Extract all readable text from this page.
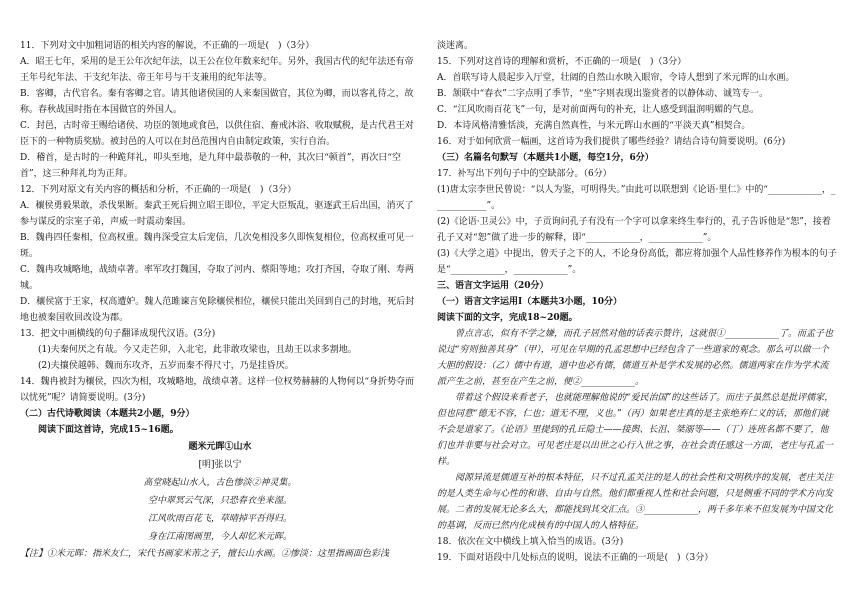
11．下列对文中加粗词语的相关内容的解说，不正确的一项是(　)（3分）

A．昭王七年，采用的是王公年次纪年法，以王公在位年数来纪年。另外，我国古代的纪年法还有帝王年号纪年法、干支纪年法、帝王年号与干支兼用的纪年法等。

B．客卿，古代官名。秦有客卿之官。请其他诸侯国的人来秦国做官，其位为卿，而以客礼待之，故称。春秋战国时指在本国做官的外国人。

C．封邑，古时帝王赐给诸侯、功臣的领地或食邑，以供住宿、畜戒沐浴、收取赋税，是古代君王对臣下的一种物质奖励。被封邑的人可以在封邑范围内自由制定政策，实行自治。

D．稽首，是古时的一种跪拜礼，叩头至地，是九拜中最恭敬的一种，其次曰“顿首”，再次曰“空首”，这三种拜礼均为正拜。

12．下列对原文有关内容的概括和分析，不正确的一项是(　)（3分）

A．穰侯勇毅果敢，杀伐果断。秦武王死后拥立昭王即位，平定大臣叛乱，驱逐武王后出国，消灭了参与谋反的宗室子弟，声威一时震动秦国。

B．魏冉四任秦相，位高权重。魏冉深受宣太后宠信，几次免相没多久即恢复相位，位高权重可见一斑。

C．魏冉攻城略地，战绩卓著。率军攻打魏国，夺取了河内、蔡阳等地；攻打齐国，夺取了刚、寿两城。

D．穰侯富于王家，权高遭妒。魏人范雎谏言免除穰侯相位，穰侯只能出关回到自己的封地，死后封地也被秦国收回改设为郡。

13．把文中画横线的句子翻译成现代汉语。(3分)

(1)夫秦何厌之有哉。今又走芒卯，入北宅，此非敢攻梁也，且劫王以求多割地。

(2)夫攘侯越韩、魏而东攻齐，五岁而秦不得尺寸，乃是挂昏厌。

14．魏冉被封为穰侯，四次为相，攻城略地，战绩卓著。这样一位权势赫赫的人物何以“身折势夺而以忧死”呢？请简要说明。(3分)

（二）古代诗歌阅读（本题共2小题，9分）

阅读下面这首诗，完成15~16题。

题米元晖①山水
[明]张以宁
高堂晓起山水入，古色惨淡②神灵集。
空中翠冥云气深，只恐春衣坐来湿。
江风吹雨百花飞，草晴掉平吾得归。
身在江南图画里，今人却忆米元晖。

【注】①米元晖：指米友仁，宋代书画家米芾之子，擅长山水画。②惨淡：这里指画面色彩浅

淡迷离。

15．下列对这首诗的理解和赏析，不正确的一项是(　)（3分）

A．首联写诗人晨起步入厅堂，壮阔的自然山水映入眼帘，令诗人想到了米元晖的山水画。

B．颔联中“春衣”二字点明了季节，“坐”字则表现出鉴赏者的以静体动、诚笃专一。

C．“江风吹雨百花飞”一句，是对前面两句的补充，让人感受到温润明媚的气息。

D．本诗风格清雅恬淡，充满自然真性，与米元晖山水画的“平淡天真”相契合。

16．对于如何欣赏一幅画，这首诗为我们提供了哪些经验？请结合诗句简要说明。(6分)

（三）名篇名句默写（本题共1小题，每空1分，6分）

17．补写出下列句子中的空缺部分。（6分）

(1)唐太宗李世民曾说：“以人为鉴，可明得失。”由此可以联想到《论语·里仁》中的“____________，____________”。

(2)《论语·卫灵公》中，子贡询问孔子有没有一个字可以拿来终生奉行的，孔子告诉他是“恕”，接着孔子又对“恕”做了进一步的解释，即“____________，____________”。

(3)《大学之道》中提出，曾天子之下的人，不论身份高低，都应将加强个人品性修养作为根本的句子是“____________，____________”。

三、语言文字运用（20分）

（一）语言文字运用Ⅰ（本题共3小题，10分）

阅读下面的文字，完成18~20题。

曾点言志，似有不学之嫌，而孔子居然对他的话表示赞许，这就很①____________了。而孟子也说过“穷则独善其身”（甲），可见在早期的孔孟思想中已经包含了一些道家的观念。那么可以做一个大胆的假设：（乙）儒中有道，道中也必有儒，儒道互补是学术发展的必然。儒道两家在作为学术流派产生之前，甚至在产生之前，便②____________。

带着这个假设来看老子，也就能理解他说的“爱民治国”的这些话了。而庄子虽然总是批评儒家，但也同意“德无不容，仁也；道无不理，义也。”（丙）如果老庄真的是主张绝弃仁义的话，那他们就不会是道家了。《论语》里提到的孔丘隐士——接舆、长沮、桀溺等——（丁）连班名都不要了，他们也并非要与社会对立。可见老庄是以出世之心行入世之事，在社会责任感这一方面，老庄与孔孟一样。

阅源异流是儒道互补的根本特征，只不过孔孟关注的是人的社会性和文明秩序的发展，老庄关注的是人类生命与心性的和谐、自由与自然。他们都重视人性和社会问题，只是侧重不同的学术方向发展。二者的发展无论多么大，都能找到其交汇点。③____________，两千多年来不但发展为中国文化的基调，反而已然内化成核有的中国人的人格特征。

18．依次在文中横线上填入恰当的成语。(3分)

19．下面对语段中几处标点的说明，说法不正确的一项是(　)（3分）
